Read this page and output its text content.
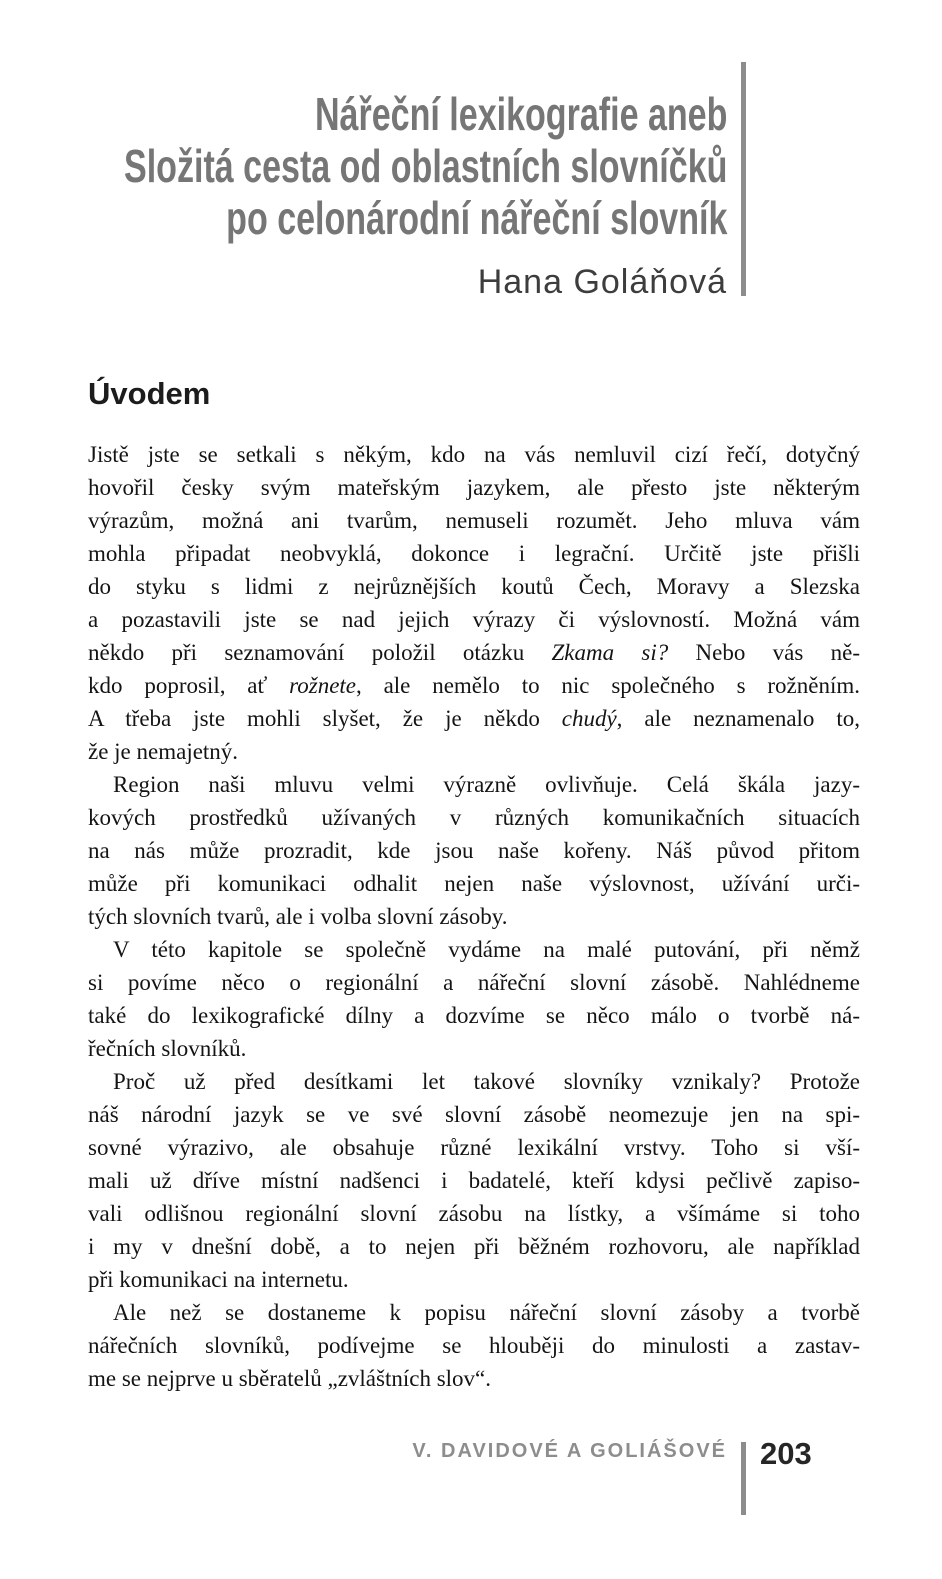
Nářeční lexikografie aneb
Složitá cesta od oblastních slovníčků
po celonárodní nářeční slovník
Hana Goláňová
Úvodem
Jistě jste se setkali s někým, kdo na vás nemluvil cizí řečí, dotyčný
hovořil česky svým mateřským jazykem, ale přesto jste některým
výrazům, možná ani tvarům, nemuseli rozumět. Jeho mluva vám
mohla připadat neobvyklá, dokonce i legrační. Určitě jste přišli
do styku s lidmi z nejrůznějších koutů Čech, Moravy a Slezska
a pozastavili jste se nad jejich výrazy či výslovností. Možná vám
někdo při seznamování položil otázku Zkama si? Nebo vás ně-
kdo poprosil, ať rožnete, ale nemělo to nic společného s rožněním.
A třeba jste mohli slyšet, že je někdo chudý, ale neznamenalo to,
že je nemajetný.
Region naši mluvu velmi výrazně ovlivňuje. Celá škála jazy-
kových prostředků užívaných v různých komunikačních situacích
na nás může prozradit, kde jsou naše kořeny. Náš původ přitom
může při komunikaci odhalit nejen naše výslovnost, užívání urči-
tých slovních tvarů, ale i volba slovní zásoby.
V této kapitole se společně vydáme na malé putování, při němž
si povíme něco o regionální a nářeční slovní zásobě. Nahlédneme
také do lexikografické dílny a dozvíme se něco málo o tvorbě ná-
řečních slovníků.
Proč už před desítkami let takové slovníky vznikaly? Protože
náš národní jazyk se ve své slovní zásobě neomezuje jen na spi-
sovné výrazivo, ale obsahuje různé lexikální vrstvy. Toho si vší-
mali už dříve místní nadšenci i badatelé, kteří kdysi pečlivě zapiso-
vali odlišnou regionální slovní zásobu na lístky, a všímáme si toho
i my v dnešní době, a to nejen při běžném rozhovoru, ale například
při komunikaci na internetu.
Ale než se dostaneme k popisu nářeční slovní zásoby a tvorbě
nářečních slovníků, podívejme se hlouběji do minulosti a zastav-
me se nejprve u sběratelů „zvláštních slov“.
V. DAVIDOVÉ A GOLIÁŠOVÉ 203
